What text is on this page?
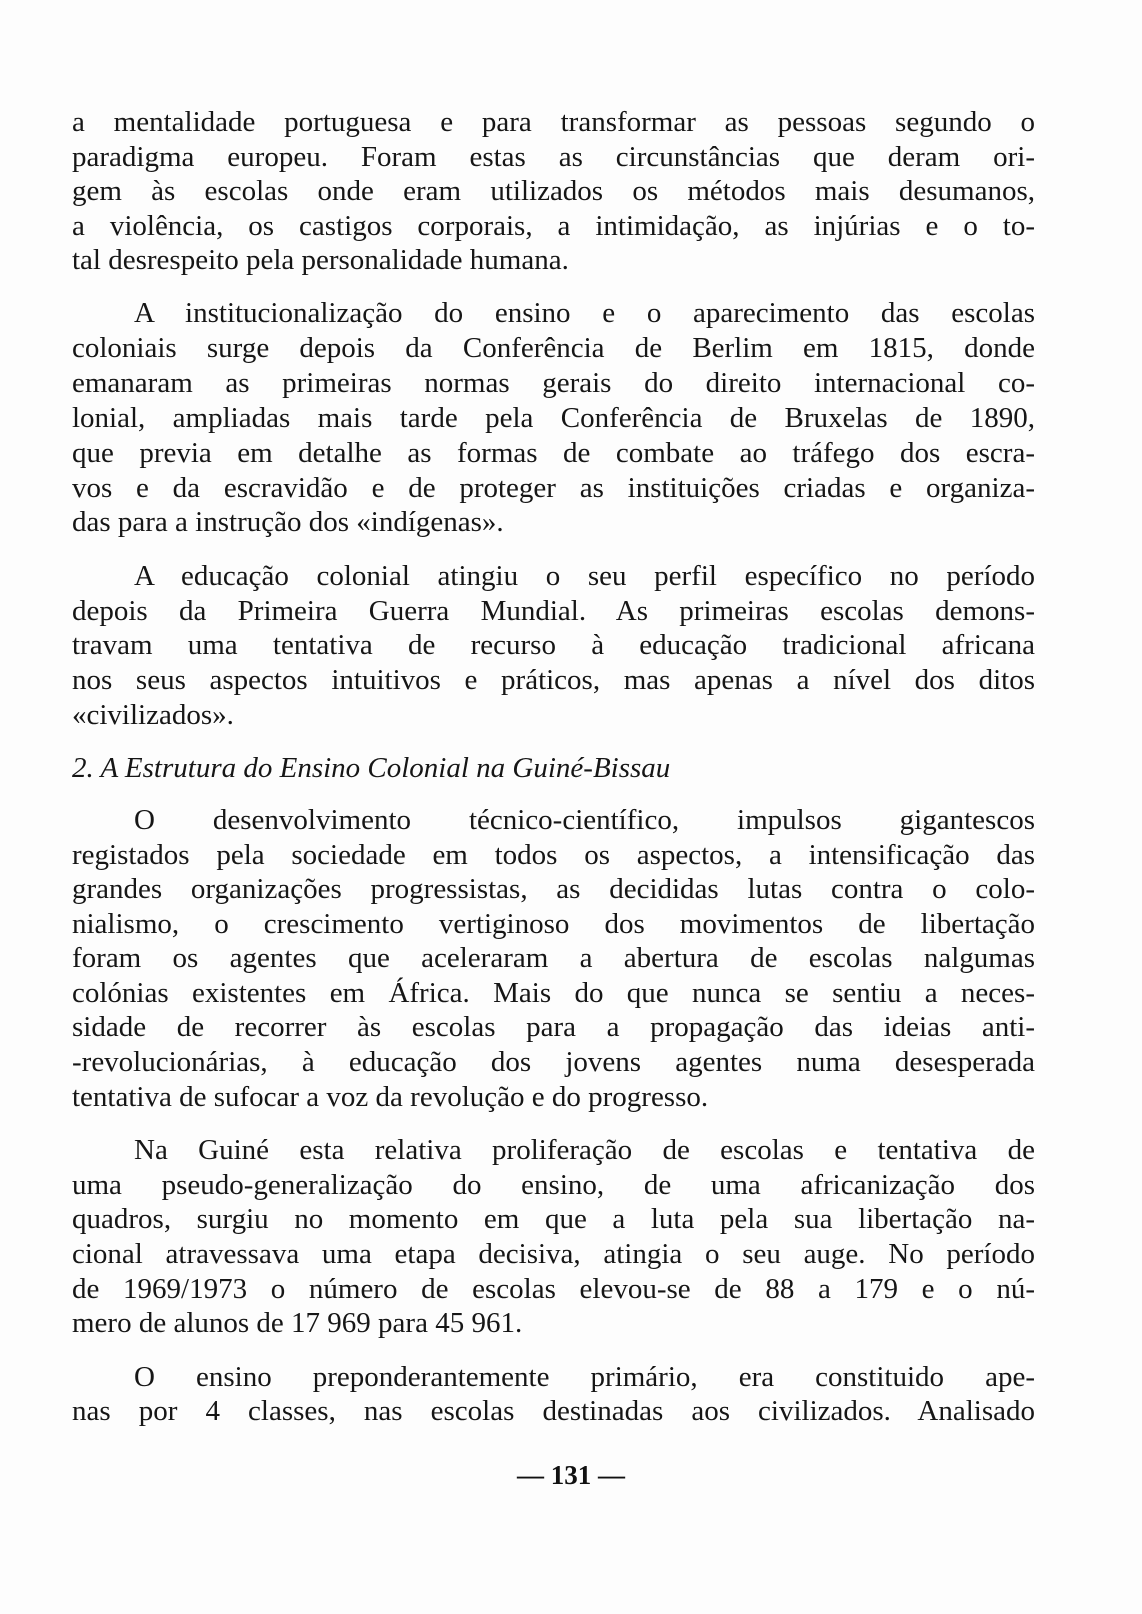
a mentalidade portuguesa e para transformar as pessoas segundo o
paradigma europeu. Foram estas as circunstâncias que deram ori-
gem às escolas onde eram utilizados os métodos mais desumanos,
a violência, os castigos corporais, a intimidação, as injúrias e o to-
tal desrespeito pela personalidade humana.
A institucionalização do ensino e o aparecimento das escolas
coloniais surge depois da Conferência de Berlim em 1815, donde
emanaram as primeiras normas gerais do direito internacional co-
lonial, ampliadas mais tarde pela Conferência de Bruxelas de 1890,
que previa em detalhe as formas de combate ao tráfego dos escra-
vos e da escravidão e de proteger as instituições criadas e organiza-
das para a instrução dos «indígenas».
A educação colonial atingiu o seu perfil específico no período
depois da Primeira Guerra Mundial. As primeiras escolas demons-
travam uma tentativa de recurso à educação tradicional africana
nos seus aspectos intuitivos e práticos, mas apenas a nível dos ditos
«civilizados».
2. A Estrutura do Ensino Colonial na Guiné-Bissau
O desenvolvimento técnico-científico, impulsos gigantescos
registados pela sociedade em todos os aspectos, a intensificação das
grandes organizações progressistas, as decididas lutas contra o colo-
nialismo, o crescimento vertiginoso dos movimentos de libertação
foram os agentes que aceleraram a abertura de escolas nalgumas
colónias existentes em África. Mais do que nunca se sentiu a neces-
sidade de recorrer às escolas para a propagação das ideias anti-
-revolucionárias, à educação dos jovens agentes numa desesperada
tentativa de sufocar a voz da revolução e do progresso.
Na Guiné esta relativa proliferação de escolas e tentativa de
uma pseudo-generalização do ensino, de uma africanização dos
quadros, surgiu no momento em que a luta pela sua libertação na-
cional atravessava uma etapa decisiva, atingia o seu auge. No período
de 1969/1973 o número de escolas elevou-se de 88 a 179 e o nú-
mero de alunos de 17 969 para 45 961.
O ensino preponderantemente primário, era constituido ape-
nas por 4 classes, nas escolas destinadas aos civilizados. Analisado
— 131 —
